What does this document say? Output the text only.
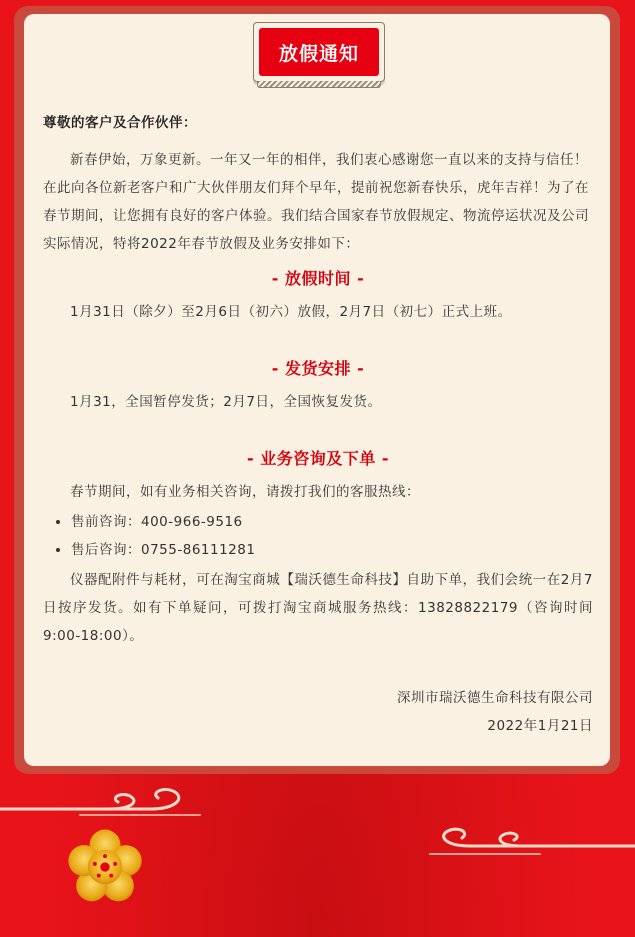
放假通知

尊敬的客户及合作伙伴：

新春伊始，万象更新。一年又一年的相伴，我们衷心感谢您一直以来的支持与信任！在此向各位新老客户和广大伙伴朋友们拜个早年，提前祝您新春快乐，虎年吉祥！为了在春节期间，让您拥有良好的客户体验。我们结合国家春节放假规定、物流停运状况及公司实际情况，特将2022年春节放假及业务安排如下：

- 放假时间 -

1月31日（除夕）至2月6日（初六）放假，2月7日（初七）正式上班。

- 发货安排 -

1月31，全国暂停发货；2月7日，全国恢复发货。

- 业务咨询及下单 -

春节期间，如有业务相关咨询，请拨打我们的客服热线：

• 售前咨询：400-966-9516
• 售后咨询：0755-86111281

仪器配附件与耗材，可在淘宝商城【瑞沃德生命科技】自助下单，我们会统一在2月7日按序发货。如有下单疑问，可拨打淘宝商城服务热线：13828822179（咨询时间9:00-18:00）。

深圳市瑞沃德生命科技有限公司

2022年1月21日
